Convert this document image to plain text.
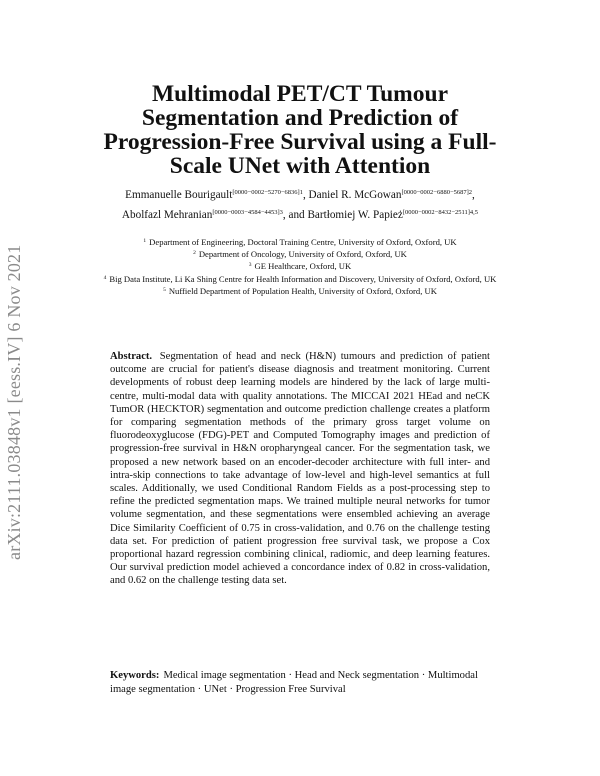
arXiv:2111.03848v1 [eess.IV] 6 Nov 2021
Multimodal PET/CT Tumour Segmentation and Prediction of Progression-Free Survival using a Full-Scale UNet with Attention
Emmanuelle Bourigault$^{[0000-0002-5270-6836]1}$, Daniel R. McGowan$^{[0000-0002-6880-5687]2}$,
Abolfazl Mehranian$^{[0000-0003-4584-4453]3}$, and Bartłomiej W. Papież$^{[0000-0002-8432-2511]4,5}$
$^1$ Department of Engineering, Doctoral Training Centre, University of Oxford, Oxford, UK
$^2$ Department of Oncology, University of Oxford, Oxford, UK
$^3$ GE Healthcare, Oxford, UK
$^4$ Big Data Institute, Li Ka Shing Centre for Health Information and Discovery, University of Oxford, Oxford, UK
$^5$ Nuffield Department of Population Health, University of Oxford, Oxford, UK

Abstract. Segmentation of head and neck (H&N) tumours and prediction of patient outcome are crucial for patient's disease diagnosis and treatment monitoring. Current developments of robust deep learning models are hindered by the lack of large multi-centre, multi-modal data with quality annotations. The MICCAI 2021 HEad and neCK TumOR (HECKTOR) segmentation and outcome prediction challenge creates a platform for comparing segmentation methods of the primary gross target volume on fluorodeoxyglucose (FDG)-PET and Computed Tomography images and prediction of progression-free survival in H&N oropharyngeal cancer. For the segmentation task, we proposed a new network based on an encoder-decoder architecture with full inter- and intra-skip connections to take advantage of low-level and high-level semantics at full scales. Additionally, we used Conditional Random Fields as a post-processing step to refine the predicted segmentation maps. We trained multiple neural networks for tumor volume segmentation, and these segmentations were ensembled achieving an average Dice Similarity Coefficient of 0.75 in cross-validation, and 0.76 on the challenge testing data set. For prediction of patient progression free survival task, we propose a Cox proportional hazard regression combining clinical, radiomic, and deep learning features. Our survival prediction model achieved a concordance index of 0.82 in cross-validation, and 0.62 on the challenge testing data set.

Keywords: Medical image segmentation · Head and Neck segmentation · Multimodal image segmentation · UNet · Progression Free Survival
